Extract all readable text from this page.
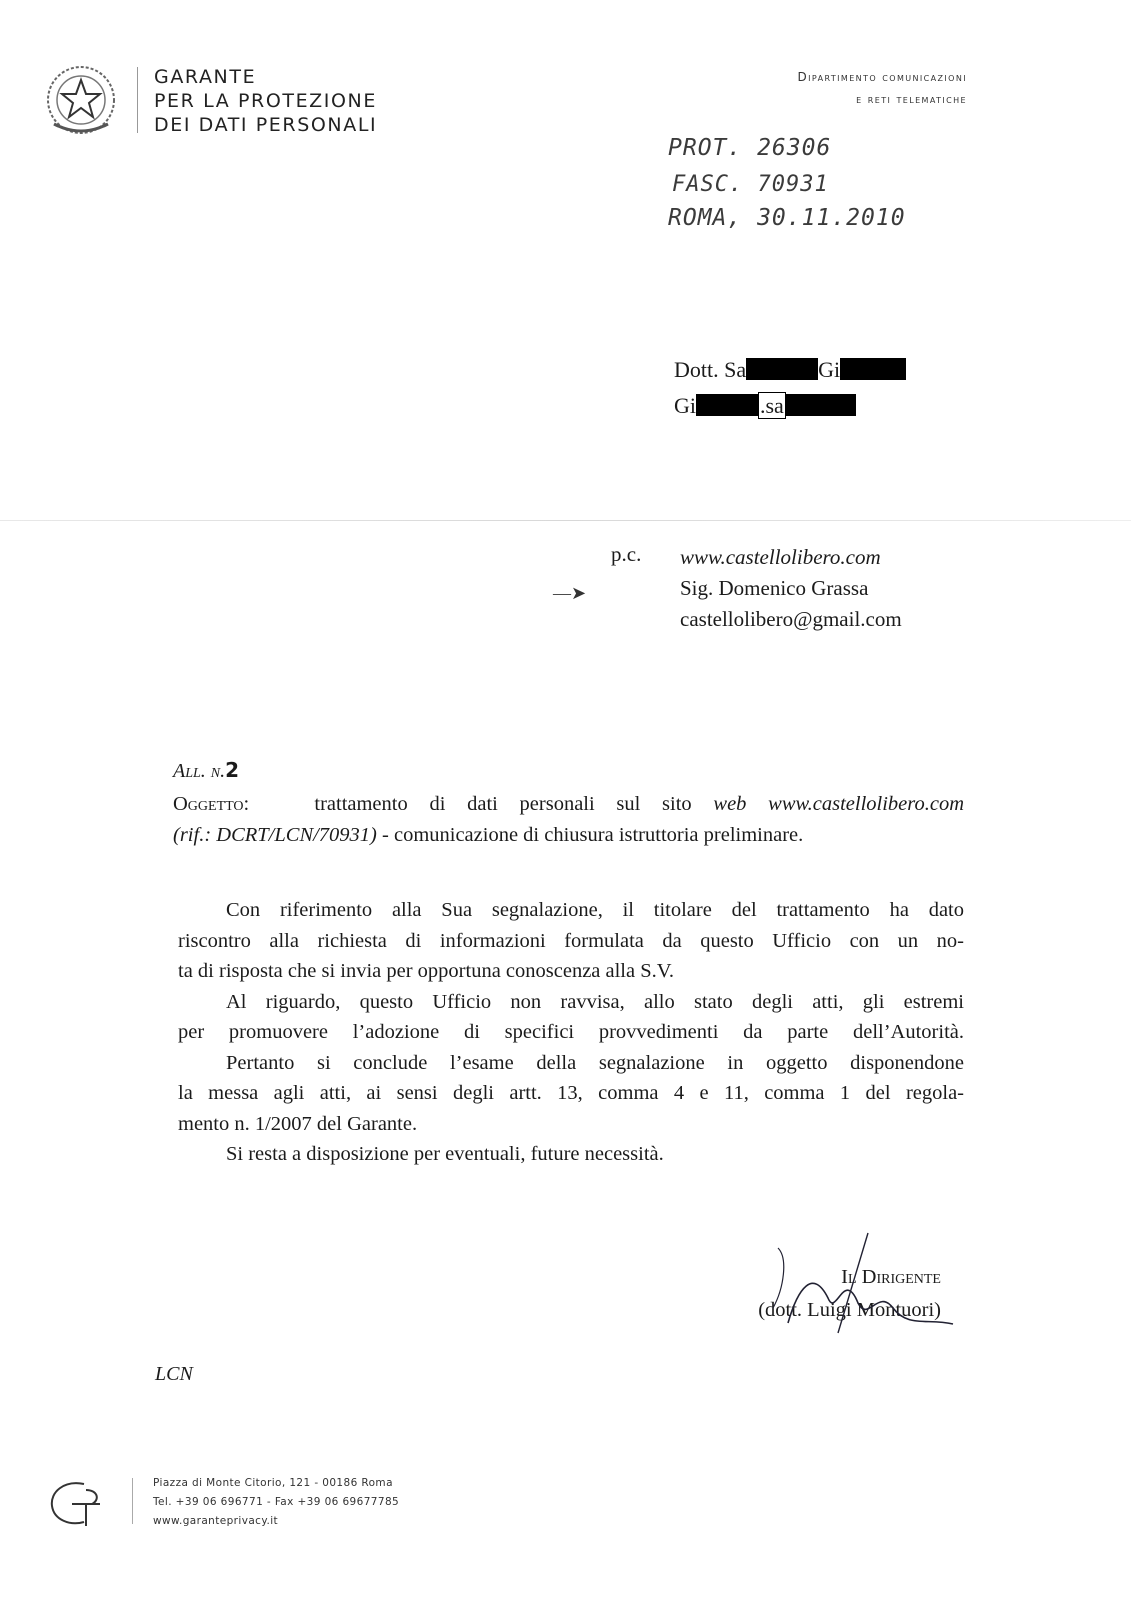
GARANTE
PER LA PROTEZIONE
DEI DATI PERSONALI
Dipartimento comunicazioni
e reti telematiche
PROT. 26306
FASC. 70931
ROMA, 30.11.2010
Dott. Sa	Gi
Gi	.sa
p.c.
—➤
www.castellolibero.com
Sig. Domenico Grassa
castellolibero@gmail.com
All. n.2
Oggetto:	trattamento di dati personali sul sito web www.castellolibero.com
(rif.: DCRT/LCN/70931) - comunicazione di chiusura istruttoria preliminare.

Con riferimento alla Sua segnalazione, il titolare del trattamento ha dato

riscontro alla richiesta di informazioni formulata da questo Ufficio con un no-

ta di risposta che si invia per opportuna conoscenza alla S.V.

Al riguardo, questo Ufficio non ravvisa, allo stato degli atti, gli estremi

per promuovere l’adozione di specifici provvedimenti da parte dell’Autorità.

Pertanto si conclude l’esame della segnalazione in oggetto disponendone

la messa agli atti, ai sensi degli artt. 13, comma 4 e 11, comma 1 del regola-

mento n. 1/2007 del Garante.

Si resta a disposizione per eventuali, future necessità.

Il Dirigente
(dott. Luigi Montuori)
LCN
Piazza di Monte Citorio, 121 - 00186 Roma
Tel. +39 06 696771 - Fax +39 06 69677785
www.garanteprivacy.it
